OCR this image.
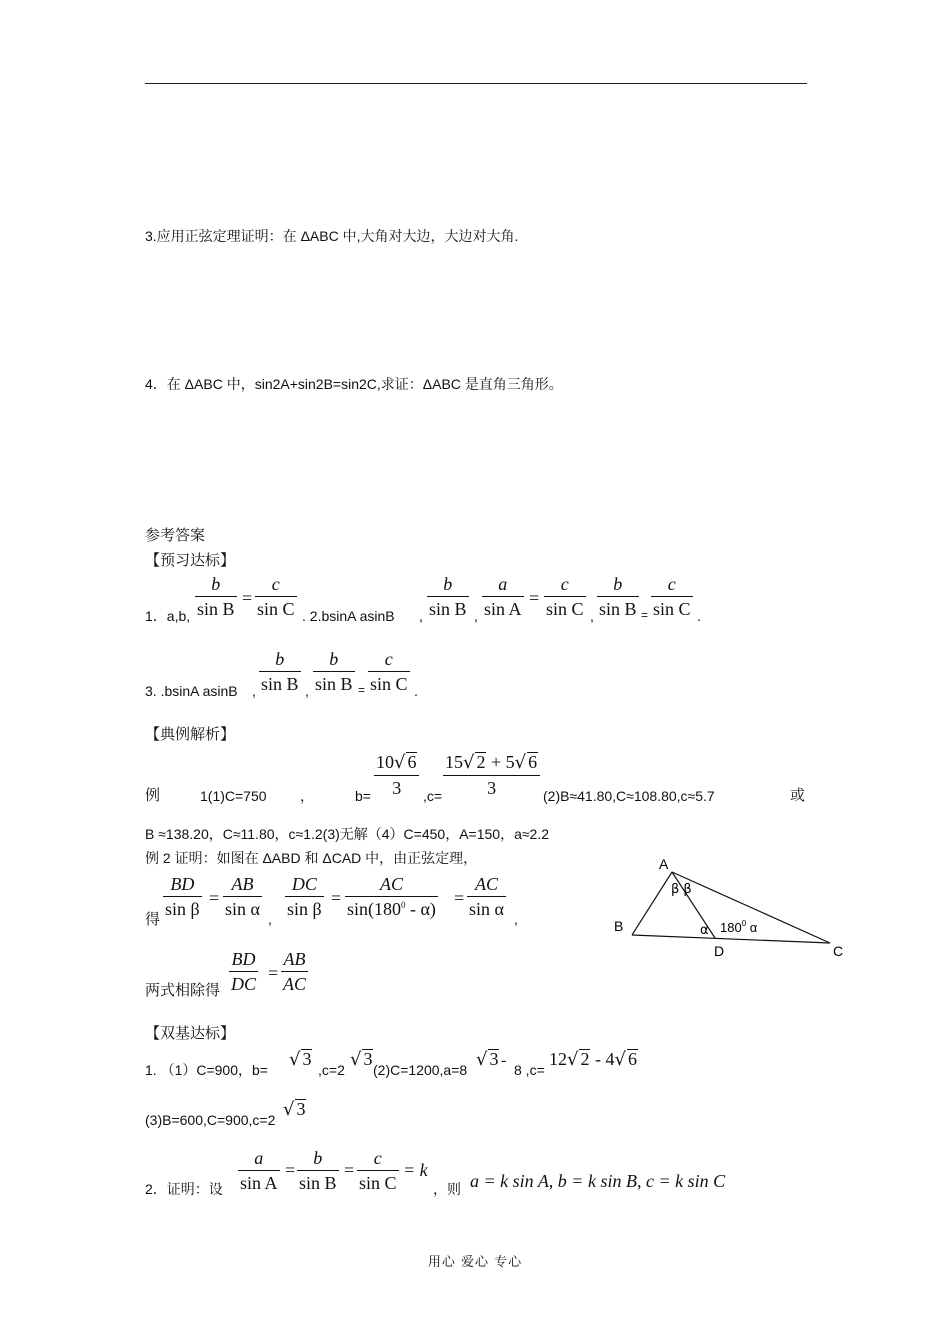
3.应用正弦定理证明：在 ΔABC 中,大角对大边，大边对大角.
4．在 ΔABC 中，sin2A+sin2B=sin2C,求证：ΔABC 是直角三角形。
参考答案
【预习达标】
1．a,b, $\frac{b}{\text{sin B}} = \frac{c}{\text{sin C}}$ . 2.bsinA asinB , $\frac{b}{\text{sin B}}$ , $\frac{a}{\text{sin A}} = \frac{c}{\text{sin C}}$ , $\frac{b}{\text{sin B}} = \frac{c}{\text{sin C}}$ .
3. .bsinA asinB , $\frac{b}{\text{sin B}}$ , $\frac{b}{\text{sin B}} = \frac{c}{\text{sin C}}$ .
【典例解析】
例	1(1)C=750 ，	$b= \frac{10√ 6}{3} ,c= \frac{15√ 2 + 5√ 6}{3} (2)B\approx 41.80,C\approx 108.80,c\approx 5.7$	或
B ≈138.20，C≈11.80，c≈1.2(3)无解（4）C=450，A=150，a≈2.2
例 2 证明：如图在 ΔABD 和 ΔCAD 中，由正弦定理，
得
$\frac{BD}{\text{sin β}} = \frac{AB}{\text{sin α}}$
,
$\frac{DC}{\text{sin β}} = \frac{AC}{\sin(180^0 - \alpha)} = \frac{AC}{\text{sin α}}$
,
两式相除得 $\frac{BD}{DC} = \frac{AB}{AC}$
A
B
C
D
β β
α $180^0$ α
【双基达标】
1. （1）C=900，b= √ 3
,c=2 √ 3
(2)C=1200,a=8 √ 3 -
8 ,c=
12√ 2 - 4√ 6
(3)B=600,C=900,c=2 √ 3
2．证明：设 $\frac{a}{\text{sin A}} = \frac{b}{\text{sin B}} = \frac{c}{\text{sin C}} = k$
，则 a = k sin A, b = k sin B, c = k sin C
用心 爱心 专心
